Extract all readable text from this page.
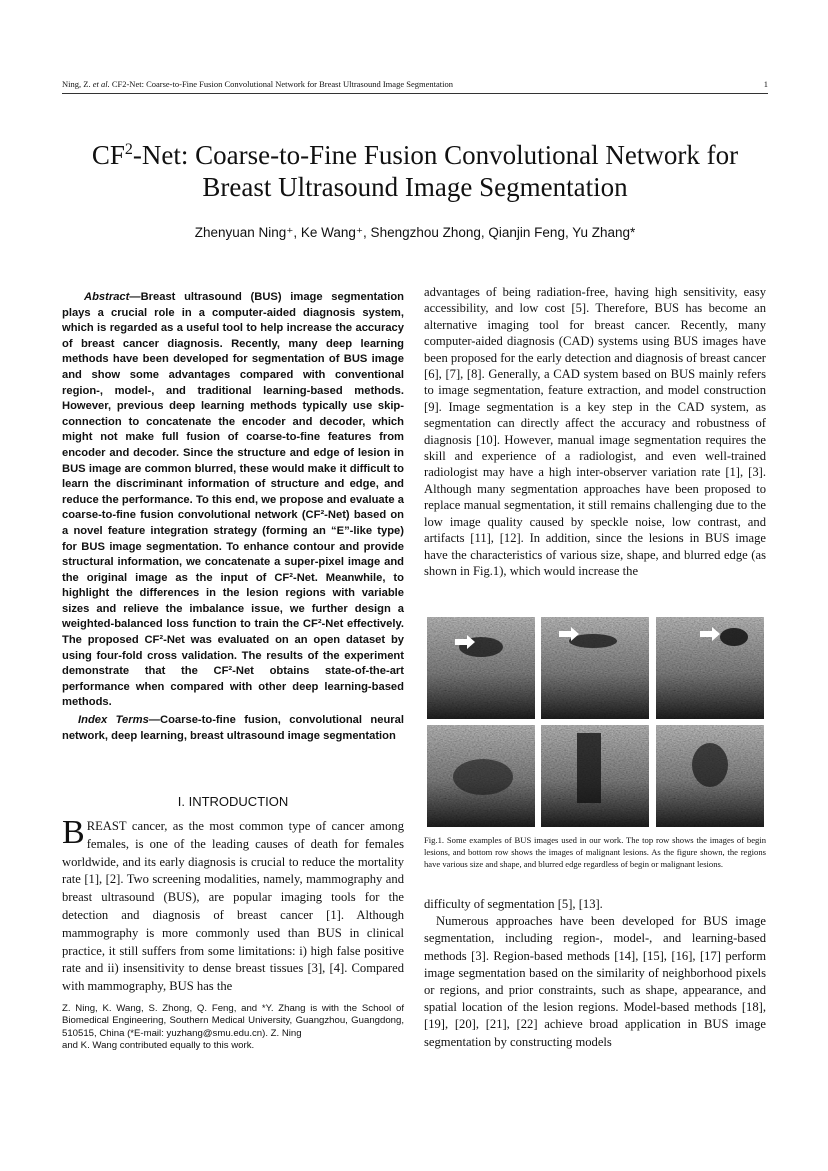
Ning, Z. et al. CF2-Net: Coarse-to-Fine Fusion Convolutional Network for Breast Ultrasound Image Segmentation	1
$CF^2$-Net: Coarse-to-Fine Fusion Convolutional Network for
Breast Ultrasound Image Segmentation
Zhenyuan Ning⁺, Ke Wang⁺, Shengzhou Zhong, Qianjin Feng, Yu Zhang*
Abstract—Breast ultrasound (BUS) image segmentation plays a crucial role in a computer-aided diagnosis system, which is regarded as a useful tool to help increase the accuracy of breast cancer diagnosis. Recently, many deep learning methods have been developed for segmentation of BUS image and show some advantages compared with conventional region-, model-, and traditional learning-based methods. However, previous deep learning methods typically use skip-connection to concatenate the encoder and decoder, which might not make full fusion of coarse-to-fine features from encoder and decoder. Since the structure and edge of lesion in BUS image are common blurred, these would make it difficult to learn the discriminant information of structure and edge, and reduce the performance. To this end, we propose and evaluate a coarse-to-fine fusion convolutional network (CF²-Net) based on a novel feature integration strategy (forming an “E”-like type) for BUS image segmentation. To enhance contour and provide structural information, we concatenate a super-pixel image and the original image as the input of CF²-Net. Meanwhile, to highlight the differences in the lesion regions with variable sizes and relieve the imbalance issue, we further design a weighted-balanced loss function to train the CF²-Net effectively. The proposed CF²-Net was evaluated on an open dataset by using four-fold cross validation. The results of the experiment demonstrate that the CF²-Net obtains state-of-the-art performance when compared with other deep learning-based methods.
Index Terms—Coarse-to-fine fusion, convolutional neural network, deep learning, breast ultrasound image segmentation
I. INTRODUCTION
BREAST cancer, as the most common type of cancer among females, is one of the leading causes of death for females worldwide, and its early diagnosis is crucial to reduce the mortality rate [1], [2]. Two screening modalities, namely, mammography and breast ultrasound (BUS), are popular imaging tools for the detection and diagnosis of breast cancer [1]. Although mammography is more commonly used than BUS in clinical practice, it still suffers from some limitations: i) high false positive rate and ii) insensitivity to dense breast tissues [3], [4]. Compared with mammography, BUS has the
Z. Ning, K. Wang, S. Zhong, Q. Feng, and *Y. Zhang is with the School of Biomedical Engineering, Southern Medical University, Guangzhou, Guangdong, 510515, China (*E-mail: yuzhang@smu.edu.cn). Z. Ning
and K. Wang contributed equally to this work.
advantages of being radiation-free, having high sensitivity, easy accessibility, and low cost [5]. Therefore, BUS has become an alternative imaging tool for breast cancer. Recently, many computer-aided diagnosis (CAD) systems using BUS images have been proposed for the early detection and diagnosis of breast cancer [6], [7], [8]. Generally, a CAD system based on BUS mainly refers to image segmentation, feature extraction, and model construction [9]. Image segmentation is a key step in the CAD system, as segmentation can directly affect the accuracy and robustness of diagnosis [10]. However, manual image segmentation requires the skill and experience of a radiologist, and even well-trained radiologist may have a high inter-observer variation rate [1], [3]. Although many segmentation approaches have been proposed to replace manual segmentation, it still remains challenging due to the low image quality caused by speckle noise, low contrast, and artifacts [11], [12]. In addition, since the lesions in BUS image have the characteristics of various size, shape, and blurred edge (as shown in Fig.1), which would increase the
Fig.1. Some examples of BUS images used in our work. The top row shows the images of begin lesions, and bottom row shows the images of malignant lesions. As the figure shown, the regions have various size and shape, and blurred edge regardless of begin or malignant lesions.

difficulty of segmentation [5], [13].

Numerous approaches have been developed for BUS image segmentation, including region-, model-, and learning-based methods [3]. Region-based methods [14], [15], [16], [17] perform image segmentation based on the similarity of neighborhood pixels or regions, and prior constraints, such as shape, appearance, and spatial location of the lesion regions. Model-based methods [18], [19], [20], [21], [22] achieve broad application in BUS image segmentation by constructing models
